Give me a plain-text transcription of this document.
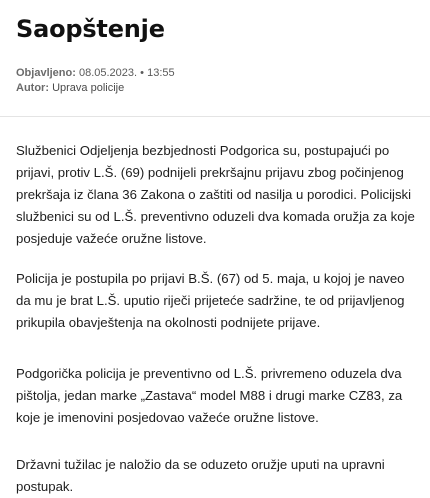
Saopštenje
Objavljeno: 08.05.2023. • 13:55
Autor: Uprava policije

Službenici Odjeljenja bezbjednosti Podgorica su, postupajući po prijavi, protiv L.Š. (69) podnijeli prekršajnu prijavu zbog počinjenog prekršaja iz člana 36 Zakona o zaštiti od nasilja u porodici. Policijski službenici su od L.Š. preventivno oduzeli dva komada oružja za koje posjeduje važeće oružne listove.

Policija je postupila po prijavi B.Š. (67) od 5. maja, u kojoj je naveo da mu je brat L.Š. uputio riječi prijeteće sadržine, te od prijavljenog prikupila obavještenja na okolnosti podnijete prijave.

Podgorička policija je preventivno od L.Š. privremeno oduzela dva pištolja, jedan marke „Zastava“ model M88 i drugi marke CZ83, za koje je imenovini posjedovao važeće oružne listove.

Državni tužilac je naložio da se oduzeto oružje uputi na upravni postupak.
